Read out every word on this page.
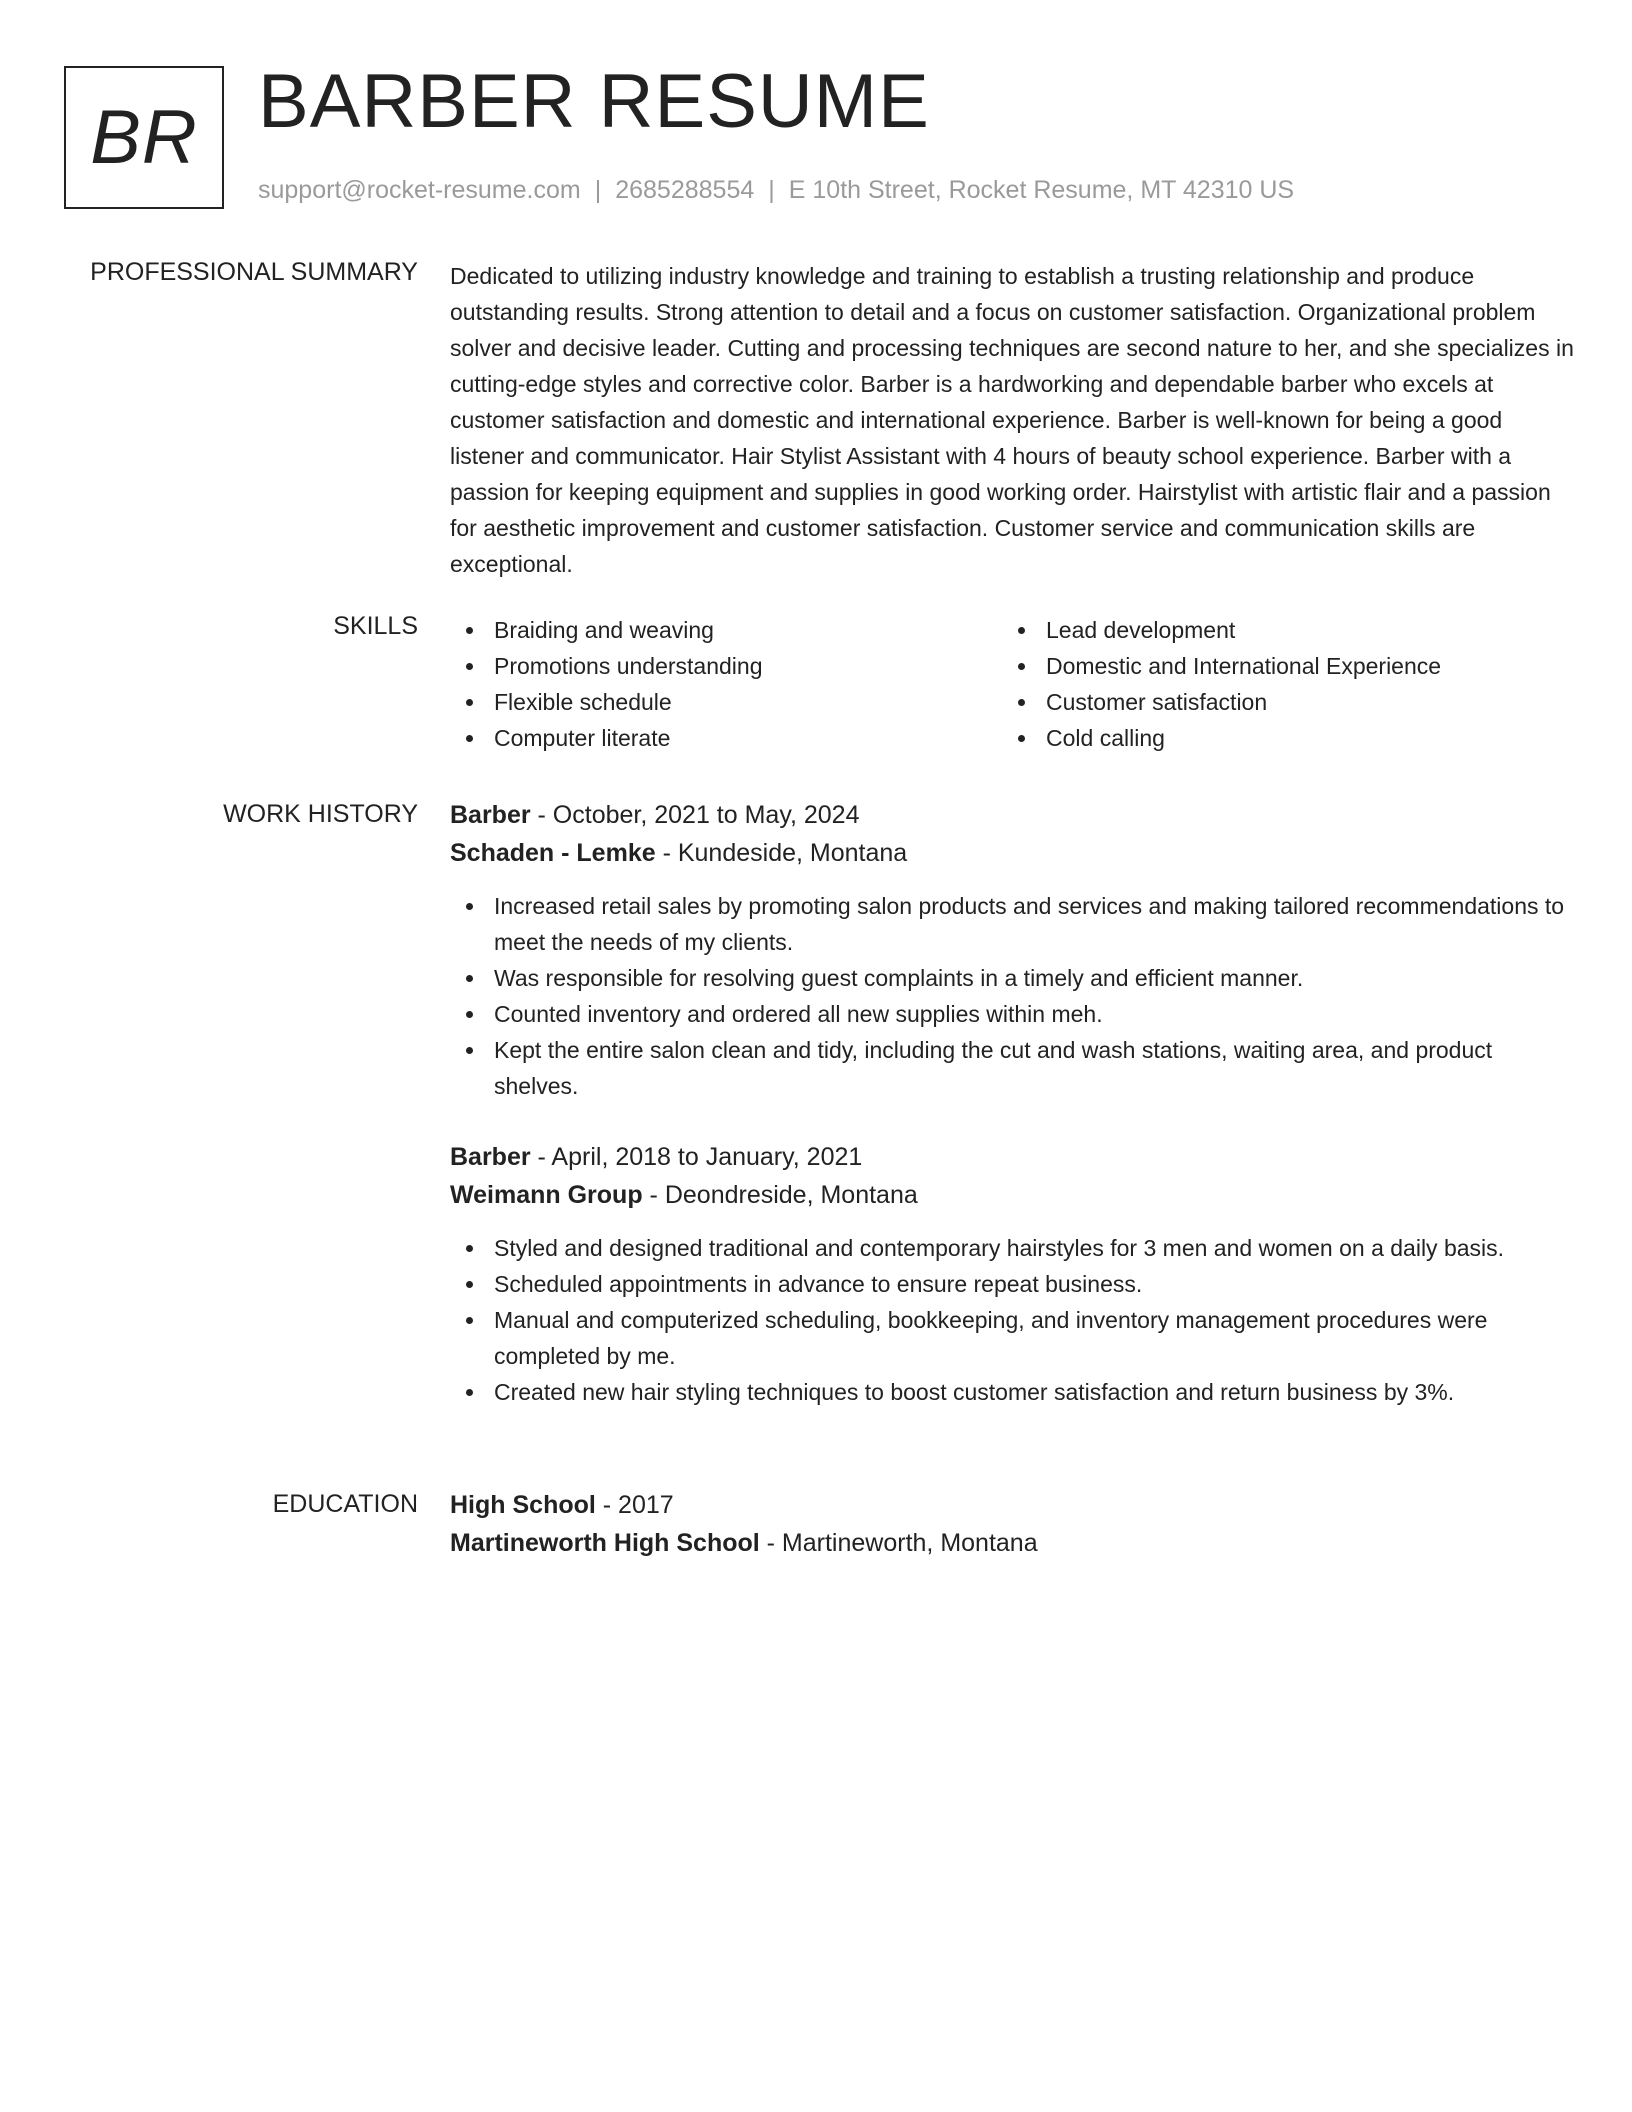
BR BARBER RESUME
support@rocket-resume.com | 2685288554 | E 10th Street, Rocket Resume, MT 42310 US
PROFESSIONAL SUMMARY Dedicated to utilizing industry knowledge and training to establish a trusting relationship and produce outstanding results. Strong attention to detail and a focus on customer satisfaction. Organizational problem solver and decisive leader. Cutting and processing techniques are second nature to her, and she specializes in cutting-edge styles and corrective color. Barber is a hardworking and dependable barber who excels at customer satisfaction and domestic and international experience. Barber is well-known for being a good listener and communicator. Hair Stylist Assistant with 4 hours of beauty school experience. Barber with a passion for keeping equipment and supplies in good working order. Hairstylist with artistic flair and a passion for aesthetic improvement and customer satisfaction. Customer service and communication skills are exceptional.

SKILLS	Braiding and weaving
Promotions understanding
Flexible schedule
Computer literate
Lead development
Domestic and International Experience
Customer satisfaction
Cold calling
WORK HISTORY Barber - October, 2021 to May, 2024
Schaden - Lemke - Kundeside, Montana
Increased retail sales by promoting salon products and services and making tailored recommendations to meet the needs of my clients.
Was responsible for resolving guest complaints in a timely and efficient manner.
Counted inventory and ordered all new supplies within meh.
Kept the entire salon clean and tidy, including the cut and wash stations, waiting area, and product shelves.
Barber - April, 2018 to January, 2021
Weimann Group - Deondreside, Montana
Styled and designed traditional and contemporary hairstyles for 3 men and women on a daily basis.
Scheduled appointments in advance to ensure repeat business.
Manual and computerized scheduling, bookkeeping, and inventory management procedures were completed by me.
Created new hair styling techniques to boost customer satisfaction and return business by 3%.
EDUCATION High School - 2017
Martineworth High School - Martineworth, Montana
